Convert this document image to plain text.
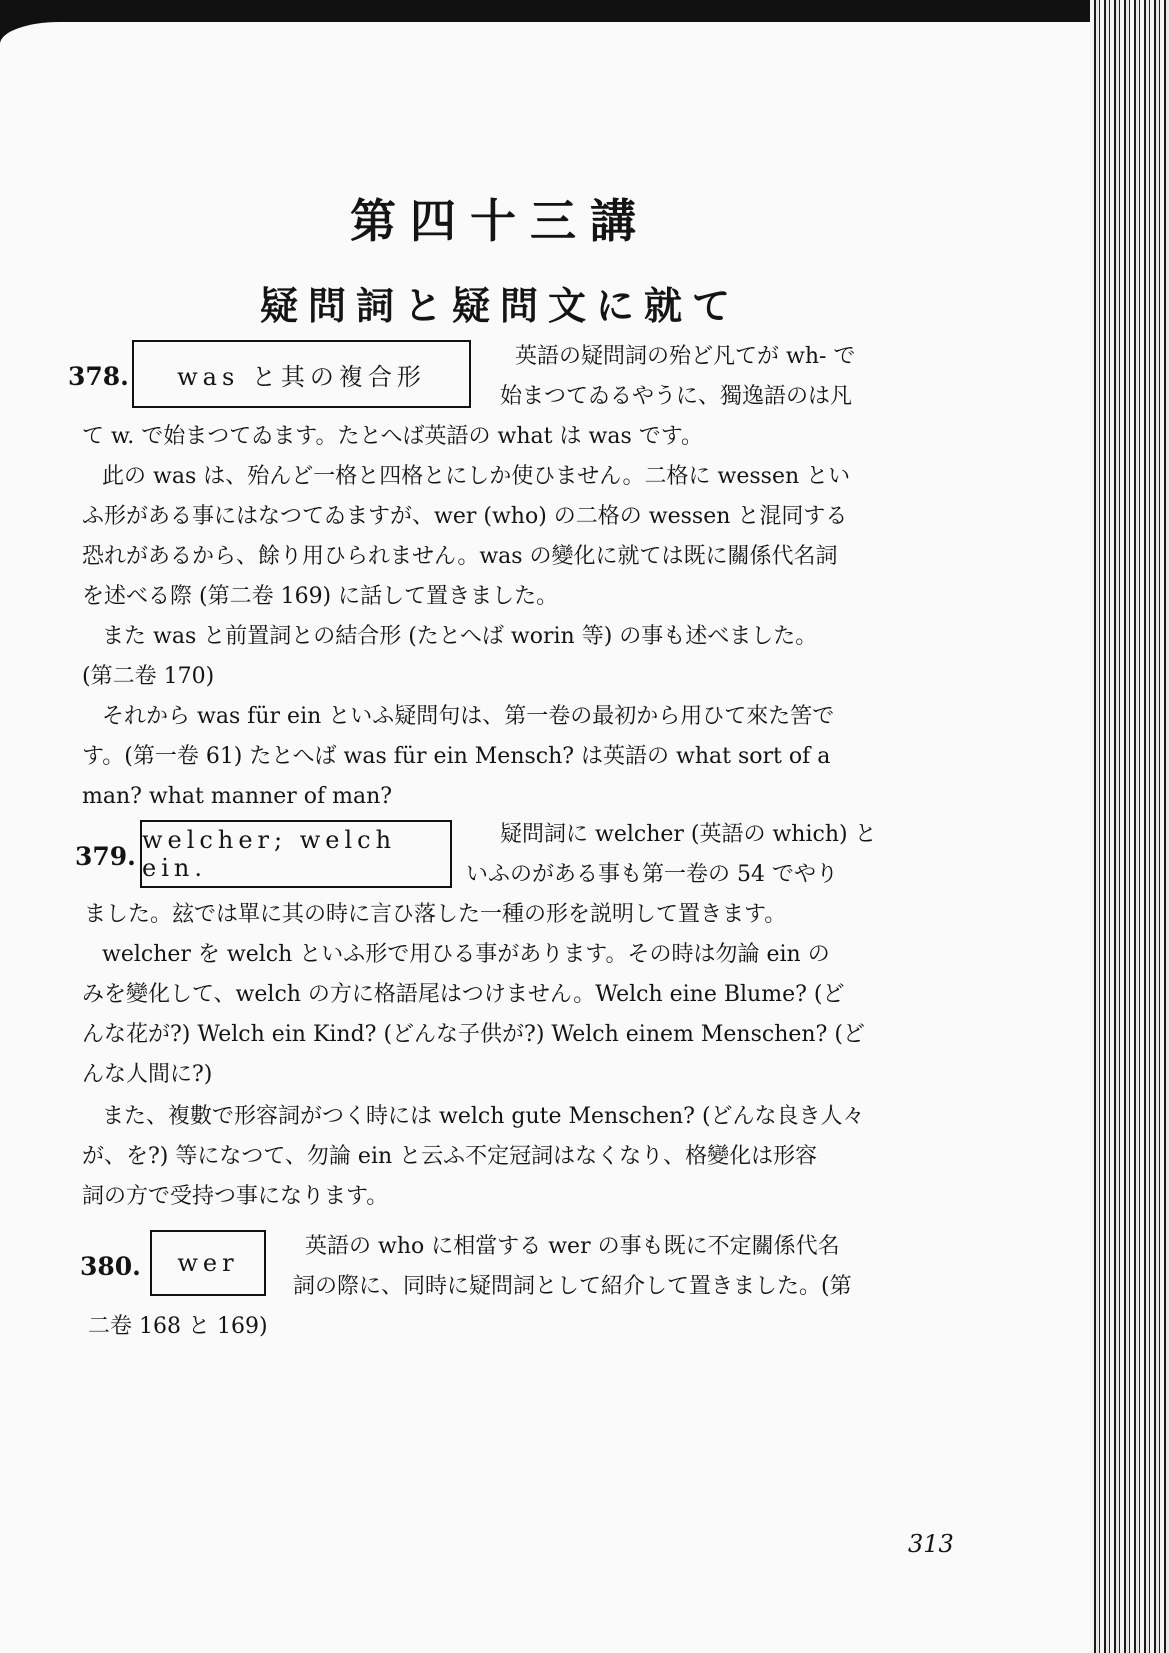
第四十三講
疑問詞と疑問文に就て
378.	was と其の複合形
英語の疑問詞の殆ど凡てが wh- で
始まつてゐるやうに、獨逸語のは凡
て w. で始まつてゐます。たとへば英語の what は was です。
此の was は、殆んど一格と四格とにしか使ひません。二格に wessen とい
ふ形がある事にはなつてゐますが、wer (who) の二格の wessen と混同する
恐れがあるから、餘り用ひられません。was の變化に就ては既に關係代名詞
を述べる際 (第二卷 169) に話して置きました。
また was と前置詞との結合形 (たとへば worin 等) の事も述べました。
(第二卷 170)
それから was für ein といふ疑問句は、第一卷の最初から用ひて來た筈で
す。(第一卷 61) たとへば was für ein Mensch? は英語の what sort of a
man? what manner of man?
379.
welcher; welch ein.
疑問詞に welcher (英語の which) と
いふのがある事も第一卷の 54 でやり
ました。玆では單に其の時に言ひ落した一種の形を説明して置きます。
welcher を welch といふ形で用ひる事があります。その時は勿論 ein の
みを變化して、welch の方に格語尾はつけません。Welch eine Blume? (ど
んな花が?) Welch ein Kind? (どんな子供が?) Welch einem Menschen? (ど
んな人間に?)
また、複數で形容詞がつく時には welch gute Menschen? (どんな良き人々
が、を?) 等になつて、勿論 ein と云ふ不定冠詞はなくなり、格變化は形容
詞の方で受持つ事になります。
380.	wer
英語の who に相當する wer の事も既に不定關係代名
詞の際に、同時に疑問詞として紹介して置きました。(第
二卷 168 と 169)
313
